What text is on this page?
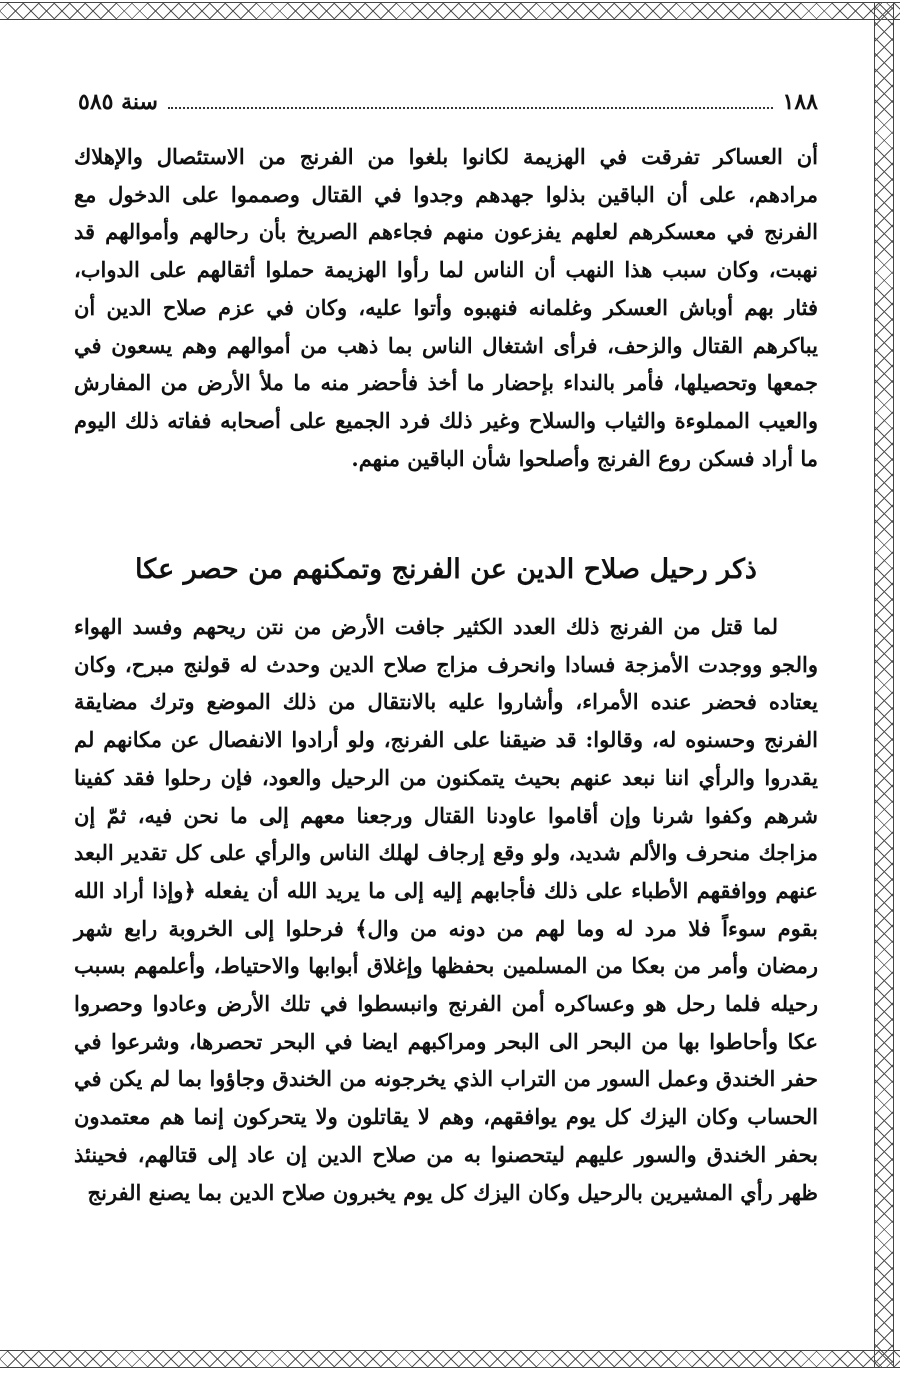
١٨٨
سنة ٥٨٥

أن العساكر تفرقت في الهزيمة لكانوا بلغوا من الفرنج من الاستئصال والإهلاك مرادهم، على أن الباقين بذلوا جهدهم وجدوا في القتال وصمموا على الدخول مع الفرنج في معسكرهم لعلهم يفزعون منهم فجاءهم الصريخ بأن رحالهم وأموالهم قد نهبت، وكان سبب هذا النهب أن الناس لما رأوا الهزيمة حملوا أثقالهم على الدواب، فثار بهم أوباش العسكر وغلمانه فنهبوه وأتوا عليه، وكان في عزم صلاح الدين أن يباكرهم القتال والزحف، فرأى اشتغال الناس بما ذهب من أموالهم وهم يسعون في جمعها وتحصيلها، فأمر بالنداء بإحضار ما أخذ فأحضر منه ما ملأ الأرض من المفارش والعيب المملوءة والثياب والسلاح وغير ذلك فرد الجميع على أصحابه ففاته ذلك اليوم ما أراد فسكن روع الفرنج وأصلحوا شأن الباقين منهم.

ذكر رحيل صلاح الدين عن الفرنج وتمكنهم من حصر عكا

لما قتل من الفرنج ذلك العدد الكثير جافت الأرض من نتن ريحهم وفسد الهواء والجو ووجدت الأمزجة فسادا وانحرف مزاج صلاح الدين وحدث له قولنج مبرح، وكان يعتاده فحضر عنده الأمراء، وأشاروا عليه بالانتقال من ذلك الموضع وترك مضايقة الفرنج وحسنوه له، وقالوا: قد ضيقنا على الفرنج، ولو أرادوا الانفصال عن مكانهم لم يقدروا والرأي اننا نبعد عنهم بحيث يتمكنون من الرحيل والعود، فإن رحلوا فقد كفينا شرهم وكفوا شرنا وإن أقاموا عاودنا القتال ورجعنا معهم إلى ما نحن فيه، ثمّ إن مزاجك منحرف والألم شديد، ولو وقع إرجاف لهلك الناس والرأي على كل تقدير البعد عنهم ووافقهم الأطباء على ذلك فأجابهم إليه إلى ما يريد الله أن يفعله ﴿وإذا أراد الله بقوم سوءاً فلا مرد له وما لهم من دونه من وال﴾ فرحلوا إلى الخروبة رابع شهر رمضان وأمر من بعكا من المسلمين بحفظها وإغلاق أبوابها والاحتياط، وأعلمهم بسبب رحيله فلما رحل هو وعساكره أمن الفرنج وانبسطوا في تلك الأرض وعادوا وحصروا عكا وأحاطوا بها من البحر الى البحر ومراكبهم ايضا في البحر تحصرها، وشرعوا في حفر الخندق وعمل السور من التراب الذي يخرجونه من الخندق وجاؤوا بما لم يكن في الحساب وكان اليزك كل يوم يوافقهم، وهم لا يقاتلون ولا يتحركون إنما هم معتمدون بحفر الخندق والسور عليهم ليتحصنوا به من صلاح الدين إن عاد إلى قتالهم، فحينئذ ظهر رأي المشيرين بالرحيل وكان اليزك كل يوم يخبرون صلاح الدين بما يصنع الفرنج
